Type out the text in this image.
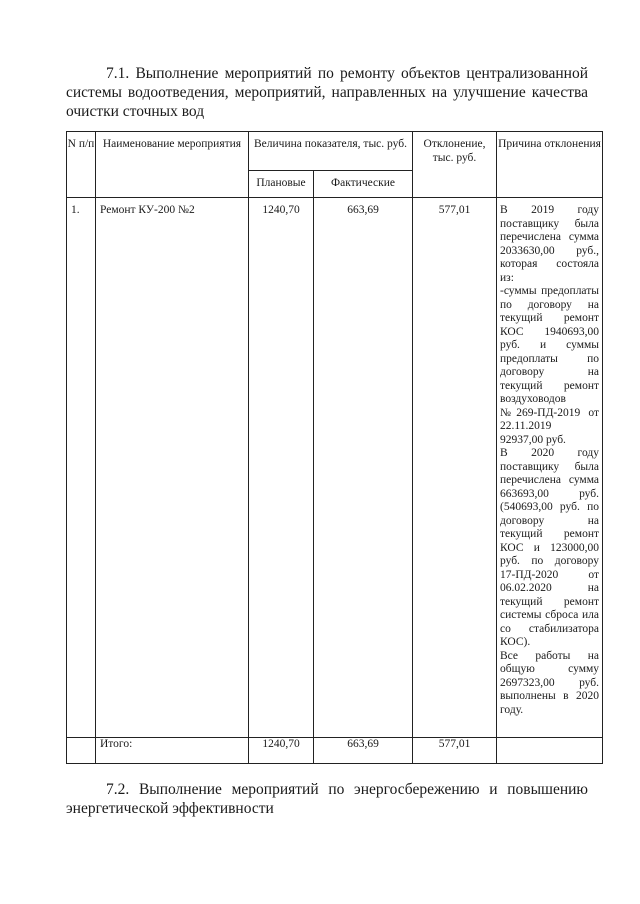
7.1. Выполнение мероприятий по ремонту объектов централизованной системы водоотведения, мероприятий, направленных на улучшение качества очистки сточных вод

N п/п	Наименование мероприятия	Величина показателя, тыс. руб.		Отклонение, тыс. руб.	Причина отклонения
		Плановые	Фактические		
1.	Ремонт КУ-200 №2	1240,70	663,69	577,01	В 2019 году поставщику была перечислена сумма 2033630,00 руб., которая состояла из:

-суммы предоплаты по договору на текущий ремонт КОС 1940693,00 руб. и суммы предоплаты по договору на текущий ремонт воздуховодов №269-ПД-2019 от 22.11.2019

92937,00 руб.

В 2020 году поставщику была перечислена сумма 663693,00 руб. (540693,00 руб. по договору на текущий ремонт КОС и 123000,00 руб. по договору 17-ПД-2020 от 06.02.2020 на текущий ремонт системы сброса ила со стабилизатора КОС).

Все работы на общую сумму 2697323,00 руб. выполнены в 2020 году.

	Итого:	1240,70	663,69	577,01	

7.2. Выполнение мероприятий по энергосбережению и повышению энергетической эффективности
